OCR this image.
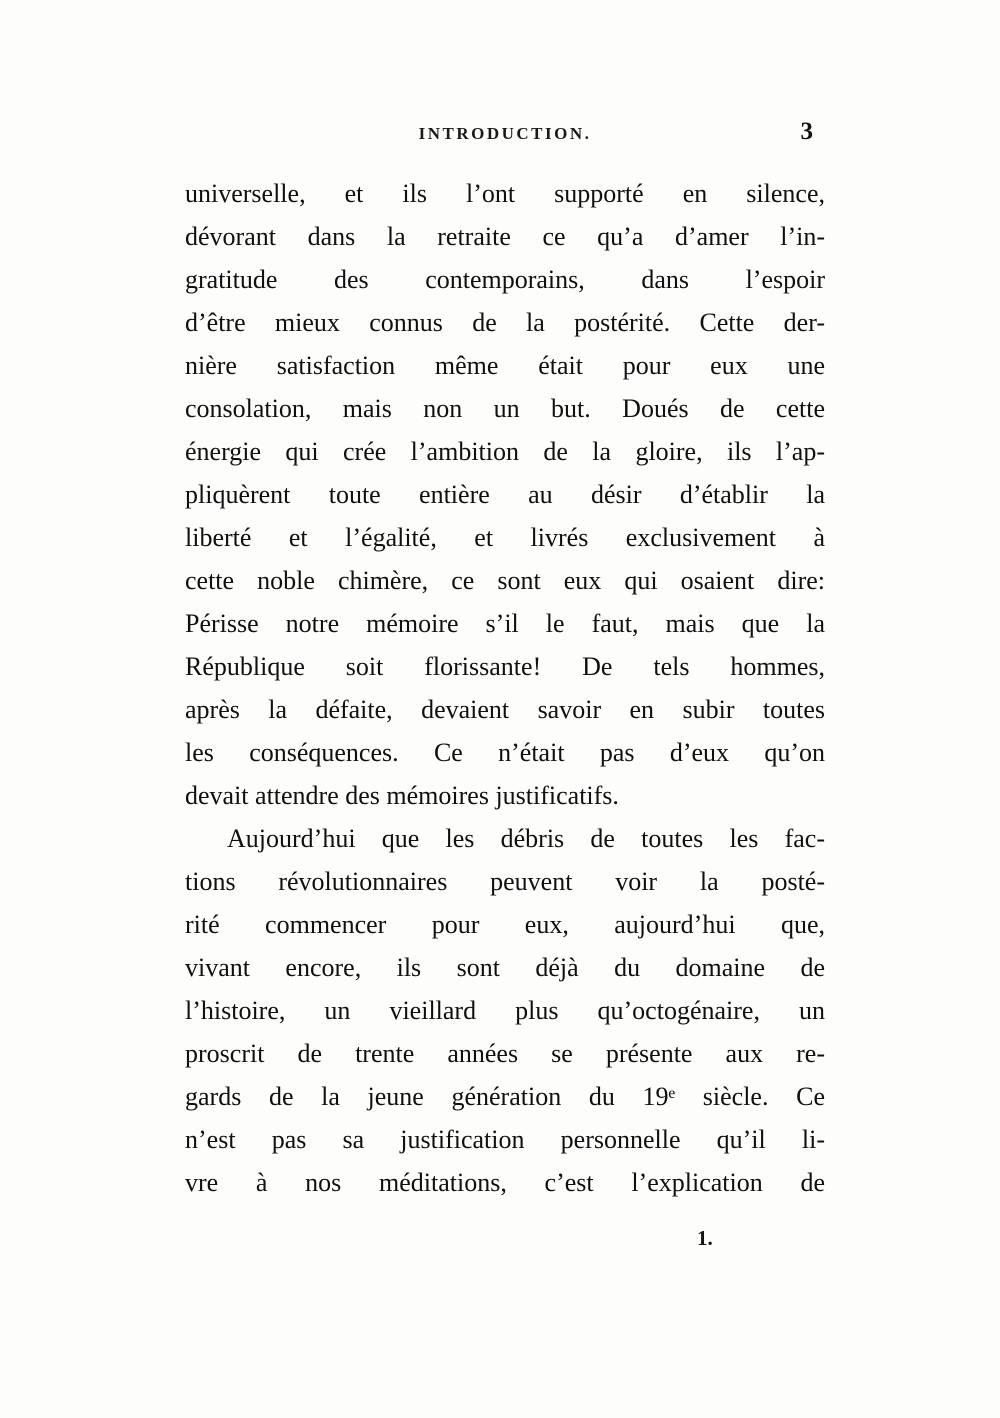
INTRODUCTION.	3
universelle, et ils l’ont supporté en silence,
dévorant dans la retraite ce qu’a d’amer l’in-
gratitude des contemporains, dans l’espoir
d’être mieux connus de la postérité. Cette der-
nière satisfaction même était pour eux une
consolation, mais non un but. Doués de cette
énergie qui crée l’ambition de la gloire, ils l’ap-
pliquèrent toute entière au désir d’établir la
liberté et l’égalité, et livrés exclusivement à
cette noble chimère, ce sont eux qui osaient dire:
Périsse notre mémoire s’il le faut, mais que la
République soit florissante! De tels hommes,
après la défaite, devaient savoir en subir toutes
les conséquences. Ce n’était pas d’eux qu’on
devait attendre des mémoires justificatifs.
Aujourd’hui que les débris de toutes les fac-
tions révolutionnaires peuvent voir la posté-
rité commencer pour eux, aujourd’hui que,
vivant encore, ils sont déjà du domaine de
l’histoire, un vieillard plus qu’octogénaire, un
proscrit de trente années se présente aux re-
gards de la jeune génération du 19ᵉ siècle. Ce
n’est pas sa justification personnelle qu’il li-
vre à nos méditations, c’est l’explication de
1.
